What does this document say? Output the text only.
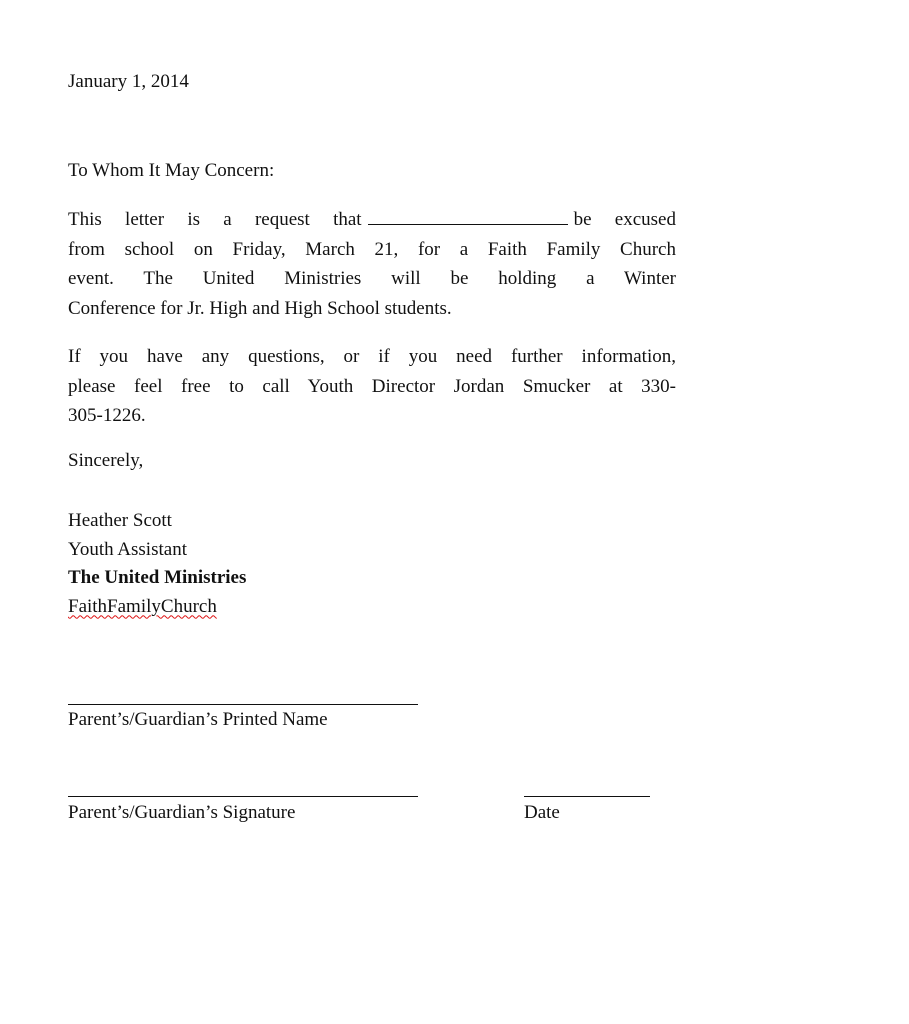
January 1, 2014
To Whom It May Concern:
This letter is a request that	be excused
from school on Friday, March 21, for a Faith Family Church
event. The United Ministries will be holding a Winter
Conference for Jr. High and High School students.
If you have any questions, or if you need further information,
please feel free to call Youth Director Jordan Smucker at 330-
305-1226.
Sincerely,
Heather Scott
Youth Assistant
The United Ministries
FaithFamilyChurch
Parent’s/Guardian’s Printed Name
Parent’s/Guardian’s Signature	Date
